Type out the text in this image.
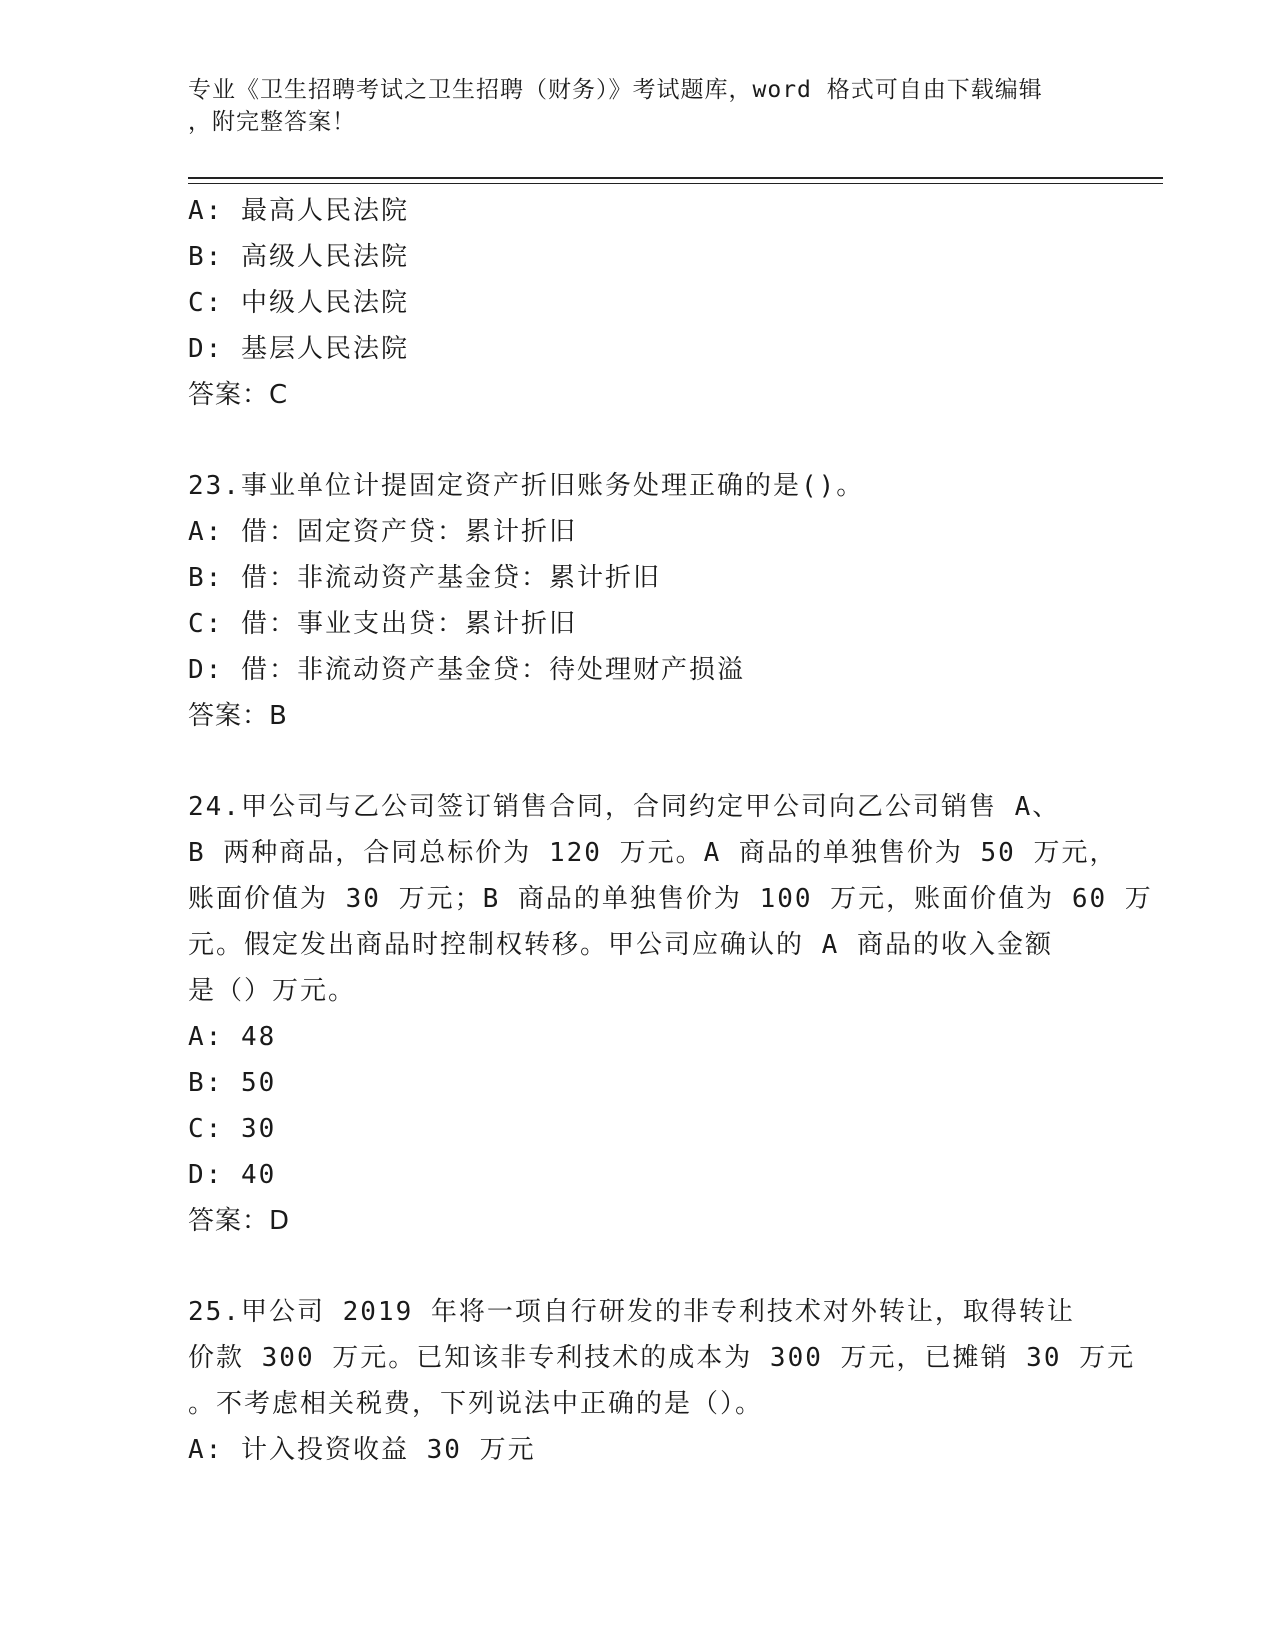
专业《卫生招聘考试之卫生招聘（财务）》考试题库，word 格式可自由下载编辑
，附完整答案！
A: 最高人民法院
B: 高级人民法院
C: 中级人民法院
D: 基层人民法院
答案：C
23.事业单位计提固定资产折旧账务处理正确的是()。
A: 借：固定资产贷：累计折旧
B: 借：非流动资产基金贷：累计折旧
C: 借：事业支出贷：累计折旧
D: 借：非流动资产基金贷：待处理财产损溢
答案：B
24.甲公司与乙公司签订销售合同，合同约定甲公司向乙公司销售 A、
B 两种商品，合同总标价为 120 万元。A 商品的单独售价为 50 万元，
账面价值为 30 万元；B 商品的单独售价为 100 万元，账面价值为 60 万
元。假定发出商品时控制权转移。甲公司应确认的 A 商品的收入金额
是（）万元。
A: 48
B: 50
C: 30
D: 40
答案：D
25.甲公司 2019 年将一项自行研发的非专利技术对外转让，取得转让
价款 300 万元。已知该非专利技术的成本为 300 万元，已摊销 30 万元
。不考虑相关税费，下列说法中正确的是（）。
A: 计入投资收益 30 万元
